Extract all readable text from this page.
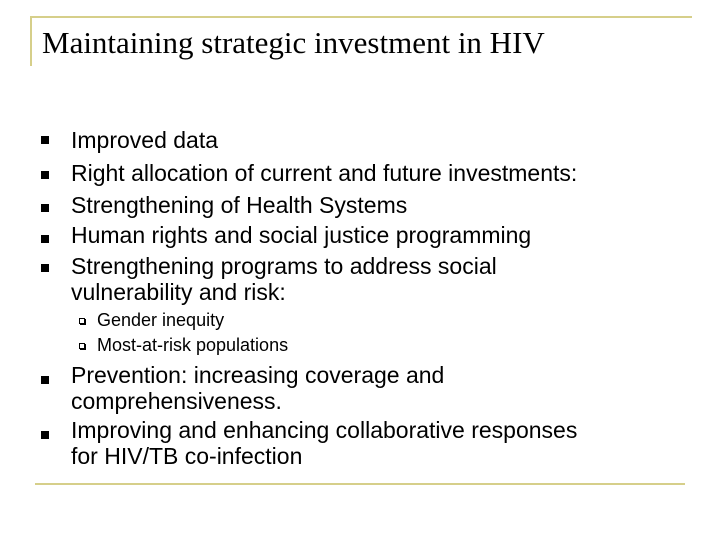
Maintaining strategic investment in HIV
Improved data
Right allocation of current and future investments:
Strengthening of Health Systems
Human rights and social justice programming
Strengthening programs to address social
vulnerability and risk:
Gender inequity
Most-at-risk populations
Prevention: increasing coverage and
comprehensiveness.
Improving and enhancing collaborative responses
for HIV/TB co-infection
